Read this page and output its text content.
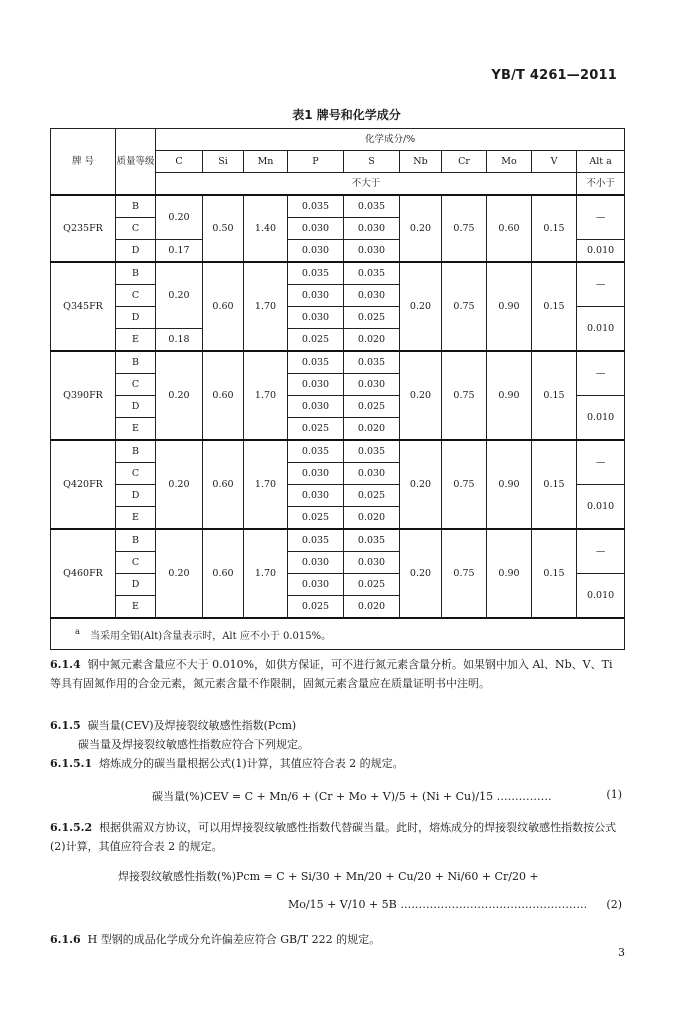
YB/T 4261—2011
表1 牌号和化学成分
牌 号	质量等级	化学成分/%									
		C	Si	Mn	P	S	Nb	Cr	Mo	V	Alt a
		不大于									不小于
Q235FR	B	0.20	0.50	1.40	0.035	0.035	0.20	0.75	0.60	0.15	—
	C				0.030	0.030					
	D	0.17			0.030	0.030					0.010
Q345FR	B	0.20	0.60	1.70	0.035	0.035	0.20	0.75	0.90	0.15	—
	C				0.030	0.030					
	D				0.030	0.025					0.010
	E	0.18			0.025	0.020					
Q390FR	B	0.20	0.60	1.70	0.035	0.035	0.20	0.75	0.90	0.15	—
	C				0.030	0.030					
	D				0.030	0.025					0.010
	E				0.025	0.020					
Q420FR	B	0.20	0.60	1.70	0.035	0.035	0.20	0.75	0.90	0.15	—
	C				0.030	0.030					
	D				0.030	0.025					0.010
	E				0.025	0.020					
Q460FR	B	0.20	0.60	1.70	0.035	0.035	0.20	0.75	0.90	0.15	—
	C				0.030	0.030					
	D				0.030	0.025					0.010
	E				0.025	0.020					
$^a$ 当采用全铝(Alt)含量表示时，Alt 应不小于 0.015%。											
6.1.4 钢中氮元素含量应不大于 0.010%，如供方保证，可不进行氮元素含量分析。如果钢中加入 Al、Nb、V、Ti 等具有固氮作用的合金元素，氮元素含量不作限制，固氮元素含量应在质量证明书中注明。
6.1.5 碳当量(CEV)及焊接裂纹敏感性指数(Pcm)
碳当量及焊接裂纹敏感性指数应符合下列规定。
6.1.5.1 熔炼成分的碳当量根据公式(1)计算，其值应符合表 2 的规定。
碳当量(%)CEV = C + Mn/6 + (Cr + Mo + V)/5 + (Ni + Cu)/15 ……………	(1)
6.1.5.2 根据供需双方协议，可以用焊接裂纹敏感性指数代替碳当量。此时，熔炼成分的焊接裂纹敏感性指数按公式(2)计算，其值应符合表 2 的规定。
焊接裂纹敏感性指数(%)Pcm = C + Si/30 + Mn/20 + Cu/20 + Ni/60 + Cr/20 +
Mo/15 + V/10 + 5B …………………………………………… (2)
6.1.6 H 型钢的成品化学成分允许偏差应符合 GB/T 222 的规定。
3
